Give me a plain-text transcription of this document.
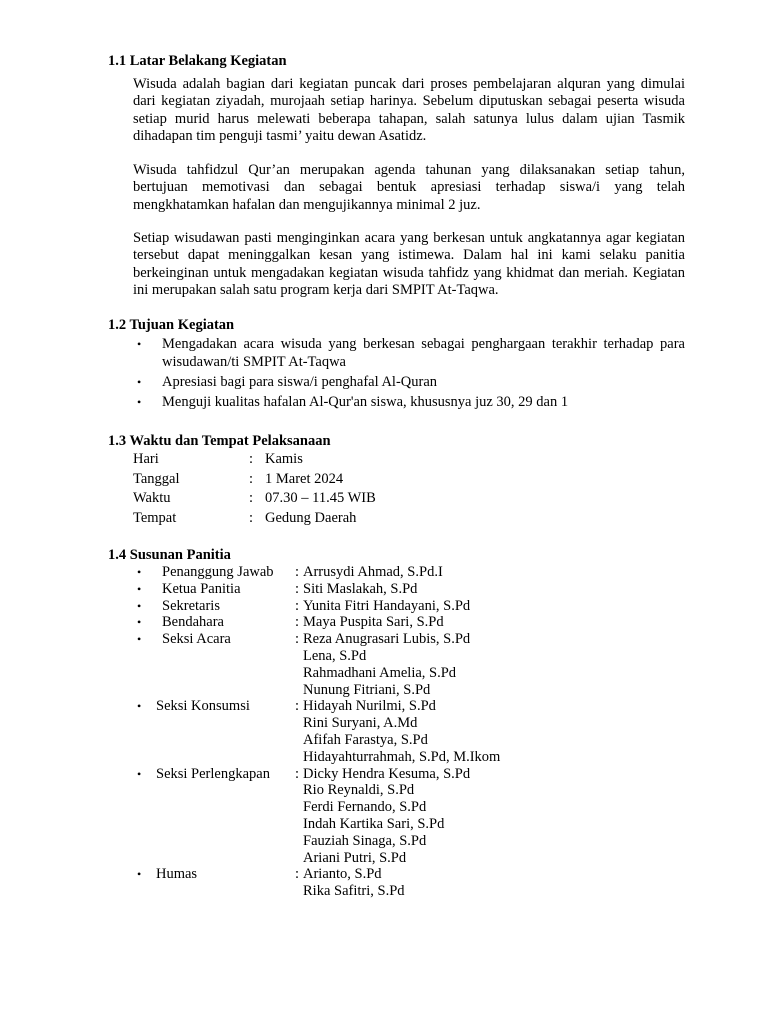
1.1 Latar Belakang Kegiatan

Wisuda adalah bagian dari kegiatan puncak dari proses pembelajaran alquran yang dimulai dari kegiatan ziyadah, murojaah setiap harinya. Sebelum diputuskan sebagai peserta wisuda setiap murid harus melewati beberapa tahapan, salah satunya lulus dalam ujian Tasmik dihadapan tim penguji tasmi’ yaitu dewan Asatidz.

Wisuda tahfidzul Qur’an merupakan agenda tahunan yang dilaksanakan setiap tahun, bertujuan memotivasi dan sebagai bentuk apresiasi terhadap siswa/i yang telah mengkhatamkan hafalan dan mengujikannya minimal 2 juz.

Setiap wisudawan pasti menginginkan acara yang berkesan untuk angkatannya agar kegiatan tersebut dapat meninggalkan kesan yang istimewa. Dalam hal ini kami selaku panitia berkeinginan untuk mengadakan kegiatan wisuda tahfidz yang khidmat dan meriah. Kegiatan ini merupakan salah satu program kerja dari SMPIT At-Taqwa.

1.2 Tujuan Kegiatan
• Mengadakan acara wisuda yang berkesan sebagai penghargaan terakhir terhadap para wisudawan/ti SMPIT At-Taqwa
• Apresiasi bagi para siswa/i penghafal Al-Quran
• Menguji kualitas hafalan Al-Qur'an siswa, khususnya juz 30, 29 dan 1
1.3 Waktu dan Tempat Pelaksanaan
Hari	: Kamis
Tanggal	: 1 Maret 2024
Waktu	: 07.30 – 11.45 WIB
Tempat	: Gedung Daerah
1.4 Susunan Panitia
• Penanggung Jawab : Arrusydi Ahmad, S.Pd.I
• Ketua Panitia	: Siti Maslakah, S.Pd
• Sekretaris	: Yunita Fitri Handayani, S.Pd
• Bendahara	: Maya Puspita Sari, S.Pd
• Seksi Acara	: Reza Anugrasari Lubis, S.Pd
Lena, S.Pd
Rahmadhani Amelia, S.Pd
Nunung Fitriani, S.Pd
• Seksi Konsumsi	: Hidayah Nurilmi, S.Pd
Rini Suryani, A.Md
Afifah Farastya, S.Pd
Hidayahturrahmah, S.Pd, M.Ikom
• Seksi Perlengkapan : Dicky Hendra Kesuma, S.Pd
Rio Reynaldi, S.Pd
Ferdi Fernando, S.Pd
Indah Kartika Sari, S.Pd
Fauziah Sinaga, S.Pd
Ariani Putri, S.Pd
• Humas	: Arianto, S.Pd
Rika Safitri, S.Pd
